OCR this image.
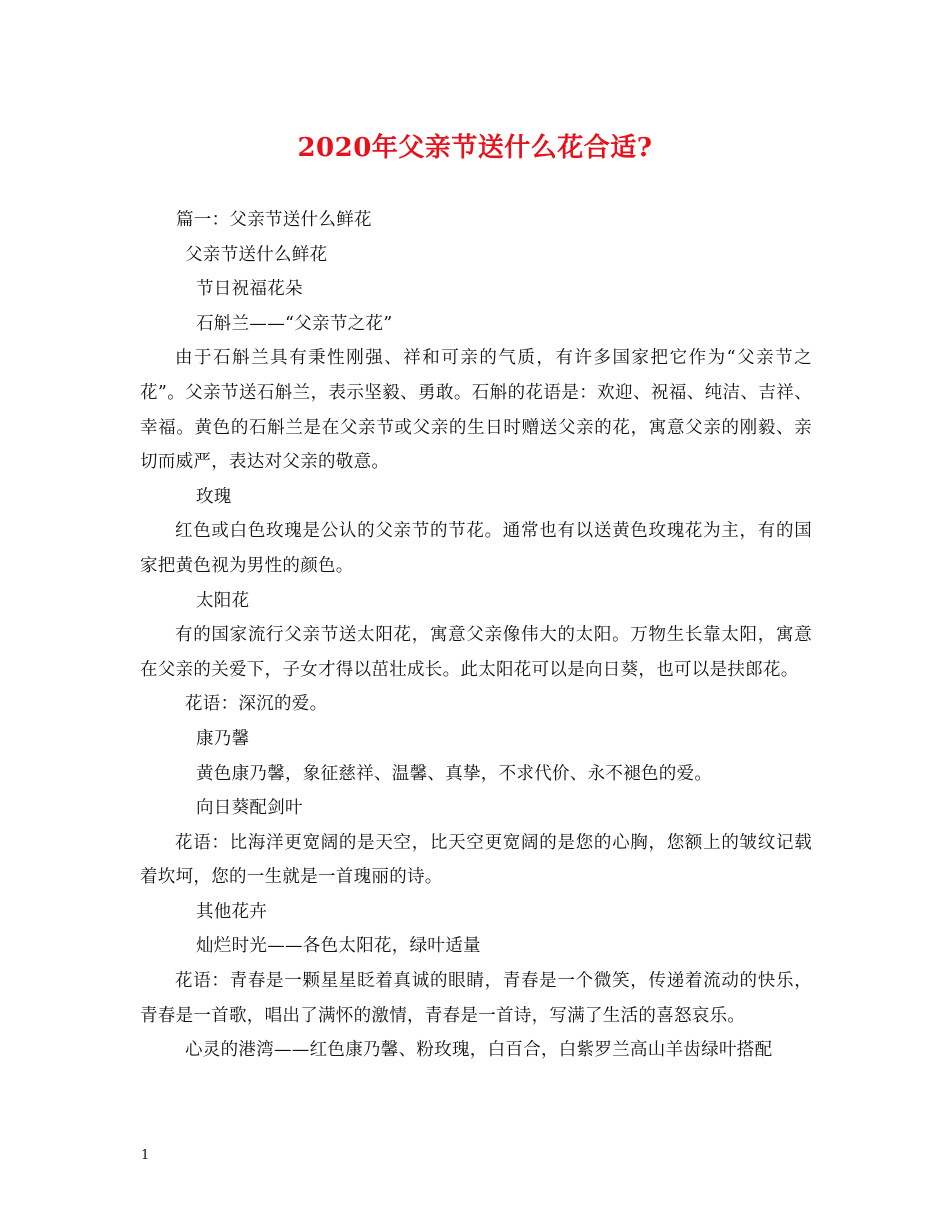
2020年父亲节送什么花合适?
篇一：父亲节送什么鲜花
父亲节送什么鲜花
节日祝福花朵
石斛兰——“父亲节之花”
由于石斛兰具有秉性刚强、祥和可亲的气质，有许多国家把它作为“父亲节之花”。父亲节送石斛兰，表示坚毅、勇敢。石斛的花语是：欢迎、祝福、纯洁、吉祥、幸福。黄色的石斛兰是在父亲节或父亲的生日时赠送父亲的花，寓意父亲的刚毅、亲切而威严，表达对父亲的敬意。
玫瑰
红色或白色玫瑰是公认的父亲节的节花。通常也有以送黄色玫瑰花为主，有的国家把黄色视为男性的颜色。
太阳花
有的国家流行父亲节送太阳花，寓意父亲像伟大的太阳。万物生长靠太阳，寓意在父亲的关爱下，子女才得以茁壮成长。此太阳花可以是向日葵，也可以是扶郎花。
花语：深沉的爱。
康乃馨
黄色康乃馨，象征慈祥、温馨、真挚，不求代价、永不褪色的爱。
向日葵配剑叶
花语：比海洋更宽阔的是天空，比天空更宽阔的是您的心胸，您额上的皱纹记载着坎坷，您的一生就是一首瑰丽的诗。
其他花卉
灿烂时光——各色太阳花，绿叶适量
花语：青春是一颗星星眨着真诚的眼睛，青春是一个微笑，传递着流动的快乐，青春是一首歌，唱出了满怀的激情，青春是一首诗，写满了生活的喜怒哀乐。
心灵的港湾——红色康乃馨、粉玫瑰，白百合，白紫罗兰高山羊齿绿叶搭配
1
